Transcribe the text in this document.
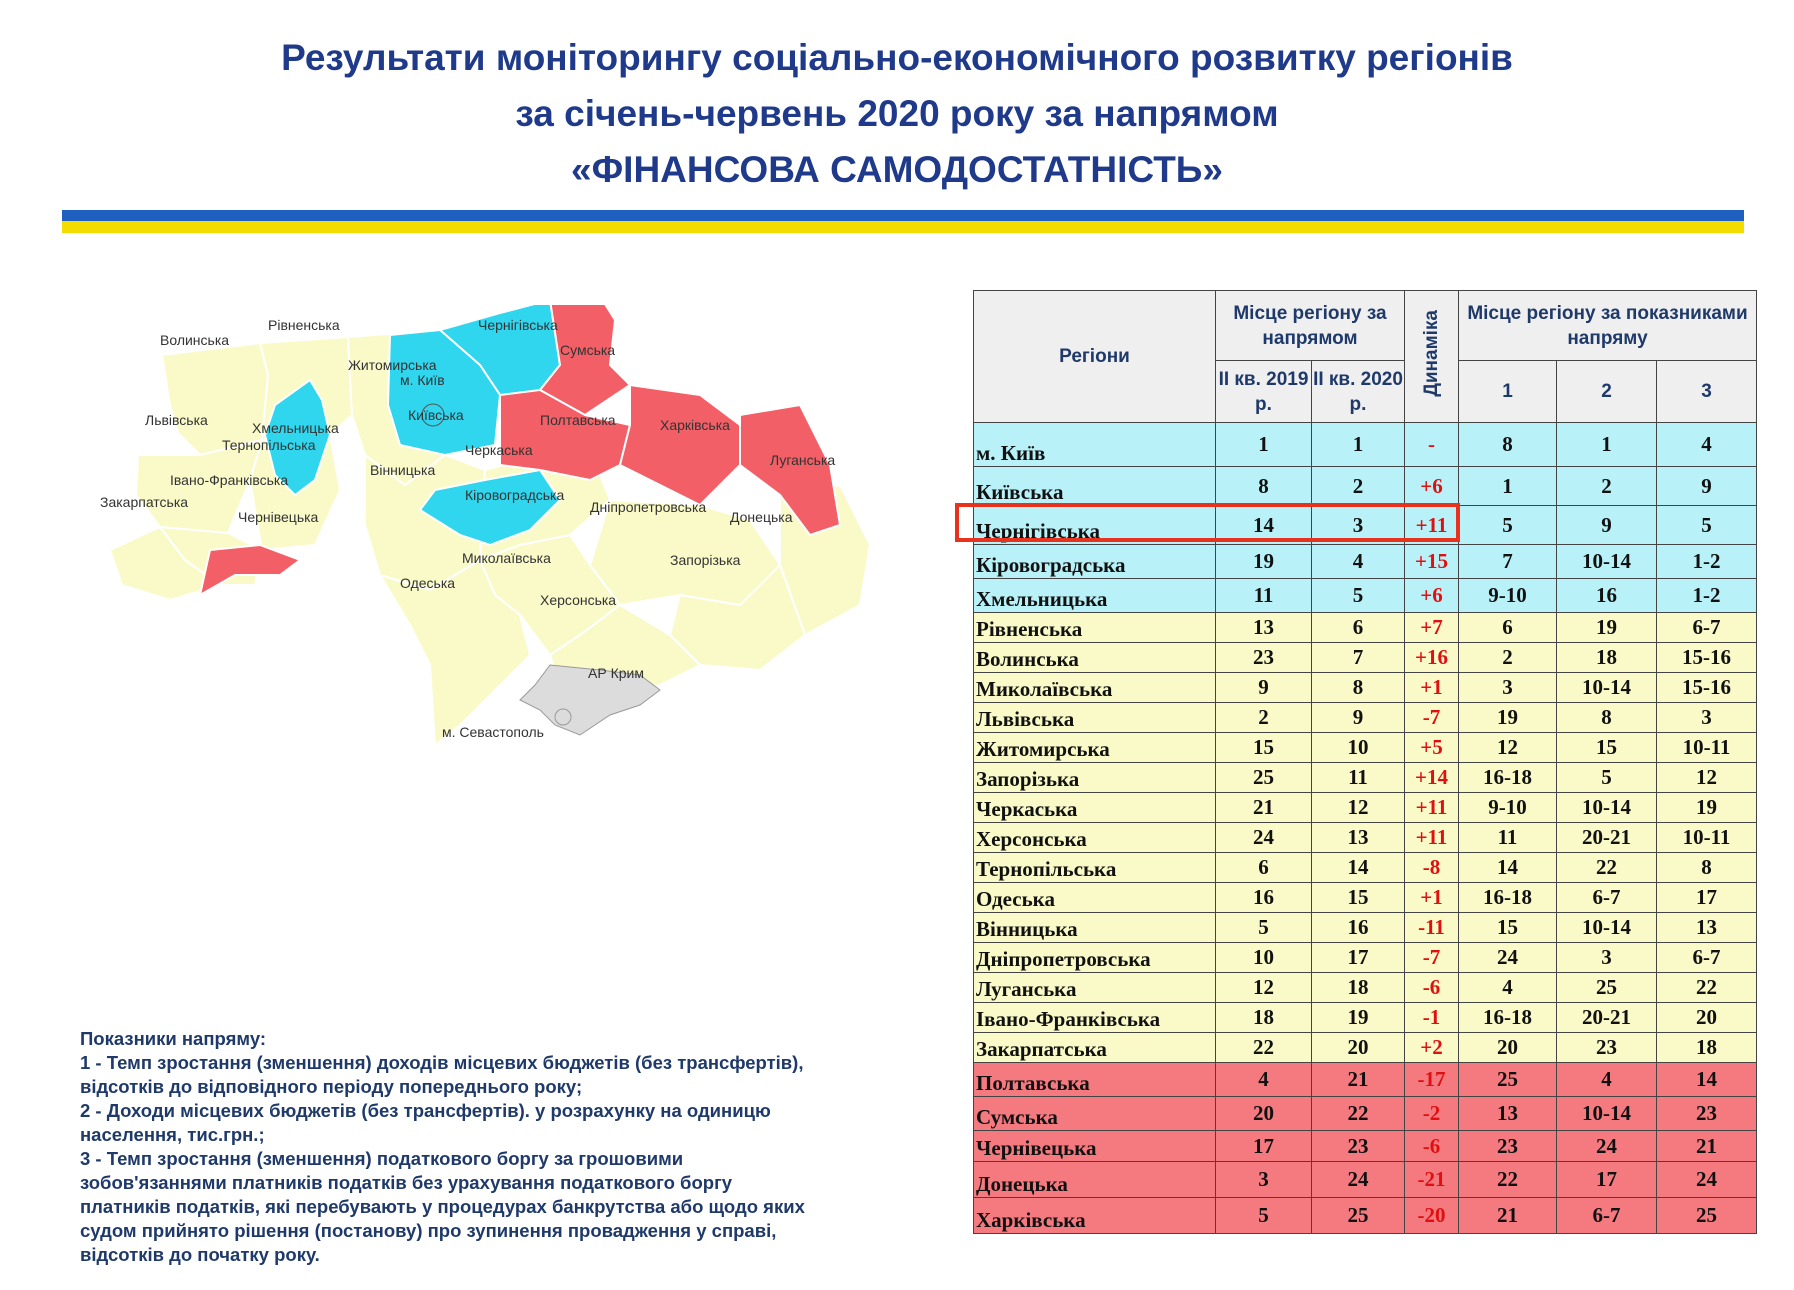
Результати моніторингу соціально-економічного розвитку регіонів
за січень-червень 2020 року за напрямом
«ФІНАНСОВА САМОДОСТАТНІСТЬ»
Волинська
Рівненська
Житомирська
Чернігівська
Сумська
м. Київ
Київська
Львівська	Хмельницька
Тернопільська
Вінницька
Черкаська
Полтавська	Харківська
Луганська
Івано-Франківська
Закарпатська
Чернівецька
Кіровоградська
Дніпропетровська
Донецька
Запорізька
Миколаївська
Одеська
Херсонська
АР Крим
м. Севастополь
Показники напряму:
1 - Темп зростання (зменшення) доходів місцевих бюджетів (без трансфертів),
відсотків до відповідного періоду попереднього року;
2 - Доходи місцевих бюджетів (без трансфертів). у розрахунку на одиницю
населення, тис.грн.;
3 - Темп зростання (зменшення) податкового боргу за грошовими
зобов'язаннями платників податків без урахування податкового боргу
платників податків, які перебувають у процедурах банкрутства або щодо яких
судом прийнято рішення (постанову) про зупинення провадження у справі,
відсотків до початку року.
Регіони	Місце регіону за напрямом		Динаміка	Місце регіону за показниками напряму		
	ІІ кв. 2019 р.	ІІ кв. 2020 р.		1	2	3
м. Київ	1	1	-	8	1	4
Київська	8	2	+6	1	2	9
Чернігівська	14	3	+11	5	9	5
Кіровоградська	19	4	+15	7	10-14	1-2
Хмельницька	11	5	+6	9-10	16	1-2
Рівненська	13	6	+7	6	19	6-7
Волинська	23	7	+16	2	18	15-16
Миколаївська	9	8	+1	3	10-14	15-16
Львівська	2	9	-7	19	8	3
Житомирська	15	10	+5	12	15	10-11
Запорізька	25	11	+14	16-18	5	12
Черкаська	21	12	+11	9-10	10-14	19
Херсонська	24	13	+11	11	20-21	10-11
Тернопільська	6	14	-8	14	22	8
Одеська	16	15	+1	16-18	6-7	17
Вінницька	5	16	-11	15	10-14	13
Дніпропетровська	10	17	-7	24	3	6-7
Луганська	12	18	-6	4	25	22
Івано-Франківська	18	19	-1	16-18	20-21	20
Закарпатська	22	20	+2	20	23	18
Полтавська	4	21	-17	25	4	14
Сумська	20	22	-2	13	10-14	23
Чернівецька	17	23	-6	23	24	21
Донецька	3	24	-21	22	17	24
Харківська	5	25	-20	21	6-7	25
